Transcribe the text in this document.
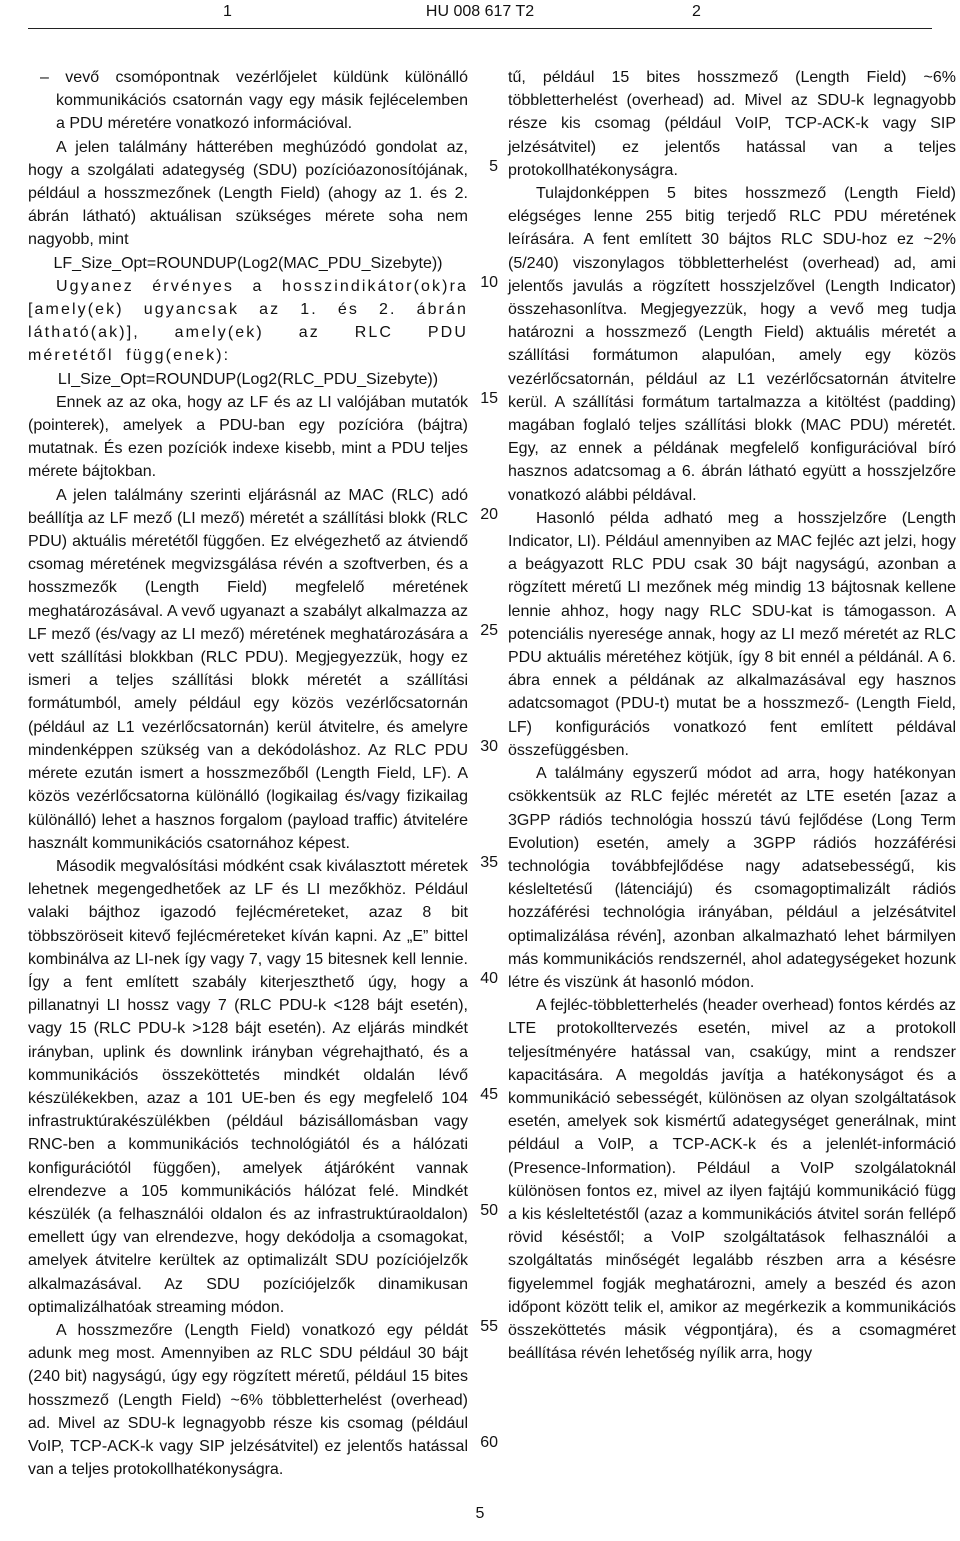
1	HU 008 617 T2	2

– vevő csomópontnak vezérlőjelet küldünk különálló kommunikációs csatornán vagy egy másik fejlécelemben a PDU méretére vonatkozó információval.

A jelen találmány hátterében meghúzódó gondolat az, hogy a szolgálati adategység (SDU) pozícióazonosítójának, például a hosszmezőnek (Length Field) (ahogy az 1. és 2. ábrán látható) aktuálisan szükséges mérete soha nem nagyobb, mint

LF_Size_Opt=ROUNDUP(Log2(MAC_PDU_Sizebyte))

Ugyanez érvényes a hosszindikátor(ok)ra [amely(ek) ugyancsak az 1. és 2. ábrán látható(ak)], amely(ek) az RLC PDU méretétől függ(enek):

LI_Size_Opt=ROUNDUP(Log2(RLC_PDU_Sizebyte))

Ennek az az oka, hogy az LF és az LI valójában mutatók (pointerek), amelyek a PDU-ban egy pozícióra (bájtra) mutatnak. És ezen pozíciók indexe kisebb, mint a PDU teljes mérete bájtokban.

A jelen találmány szerinti eljárásnál az MAC (RLC) adó beállítja az LF mező (LI mező) méretét a szállítási blokk (RLC PDU) aktuális méretétől függően. Ez elvégezhető az átviendő csomag méretének megvizsgálása révén a szoftverben, és a hosszmezők (Length Field) megfelelő méretének meghatározásával. A vevő ugyanazt a szabályt alkalmazza az LF mező (és/vagy az LI mező) méretének meghatározására a vett szállítási blokkban (RLC PDU). Megjegyezzük, hogy ez ismeri a teljes szállítási blokk méretét a szállítási formátumból, amely például egy közös vezérlőcsatornán (például az L1 vezérlőcsatornán) kerül átvitelre, és amelyre mindenképpen szükség van a dekódoláshoz. Az RLC PDU mérete ezután ismert a hosszmezőből (Length Field, LF). A közös vezérlőcsatorna különálló (logikailag és/vagy fizikailag különálló) lehet a hasznos forgalom (payload traffic) átvitelére használt kommunikációs csatornához képest.

Második megvalósítási módként csak kiválasztott méretek lehetnek megengedhetőek az LF és LI mezőkhöz. Például valaki bájthoz igazodó fejlécméreteket, azaz 8 bit többszöröseit kitevő fejlécméreteket kíván kapni. Az „E” bittel kombinálva az LI-nek így vagy 7, vagy 15 bitesnek kell lennie. Így a fent említett szabály kiterjeszthető úgy, hogy a pillanatnyi LI hossz vagy 7 (RLC PDU-k <128 bájt esetén), vagy 15 (RLC PDU-k >128 bájt esetén). Az eljárás mindkét irányban, uplink és downlink irányban végrehajtható, és a kommunikációs összeköttetés mindkét oldalán lévő készülékekben, azaz a 101 UE-ben és egy megfelelő 104 infrastruktúrakészülékben (például bázisállomásban vagy RNC-ben a kommunikációs technológiától és a hálózati konfigurációtól függően), amelyek átjáróként vannak elrendezve a 105 kommunikációs hálózat felé. Mindkét készülék (a felhasználói oldalon és az infrastruktúraoldalon) emellett úgy van elrendezve, hogy dekódolja a csomagokat, amelyek átvitelre kerültek az optimalizált SDU pozíciójelzők alkalmazásával. Az SDU pozíciójelzők dinamikusan optimalizálhatóak streaming módon.

A hosszmezőre (Length Field) vonatkozó egy példát adunk meg most. Amennyiben az RLC SDU például 30 bájt (240 bit) nagyságú, úgy egy rögzített méretű, például 15 bites hosszmező (Length Field) ~6% többletterhelést (overhead) ad. Mivel az SDU-k legnagyobb része kis csomag (például VoIP, TCP-ACK-k vagy SIP jelzésátvitel) ez jelentős hatással van a teljes protokollhatékonyságra.

5
10
15
20
25
30
35
40
45
50
55
60

tű, például 15 bites hosszmező (Length Field) ~6% többletterhelést (overhead) ad. Mivel az SDU-k legnagyobb része kis csomag (például VoIP, TCP-ACK-k vagy SIP jelzésátvitel) ez jelentős hatással van a teljes protokollhatékonyságra.

Tulajdonképpen 5 bites hosszmező (Length Field) elégséges lenne 255 bitig terjedő RLC PDU méretének leírására. A fent említett 30 bájtos RLC SDU-hoz ez ~2% (5/240) viszonylagos többletterhelést (overhead) ad, ami jelentős javulás a rögzített hosszjelzővel (Length Indicator) összehasonlítva. Megjegyezzük, hogy a vevő meg tudja határozni a hosszmező (Length Field) aktuális méretét a szállítási formátumon alapulóan, amely egy közös vezérlőcsatornán, például az L1 vezérlőcsatornán átvitelre kerül. A szállítási formátum tartalmazza a kitöltést (padding) magában foglaló teljes szállítási blokk (MAC PDU) méretét. Egy, az ennek a példának megfelelő konfigurációval bíró hasznos adatcsomag a 6. ábrán látható együtt a hosszjelzőre vonatkozó alábbi példával.

Hasonló példa adható meg a hosszjelzőre (Length Indicator, LI). Például amennyiben az MAC fejléc azt jelzi, hogy a beágyazott RLC PDU csak 30 bájt nagyságú, azonban a rögzített méretű LI mezőnek még mindig 13 bájtosnak kellene lennie ahhoz, hogy nagy RLC SDU-kat is támogasson. A potenciális nyeresége annak, hogy az LI mező méretét az RLC PDU aktuális méretéhez kötjük, így 8 bit ennél a példánál. A 6. ábra ennek a példának az alkalmazásával egy hasznos adatcsomagot (PDU-t) mutat be a hosszmező- (Length Field, LF) konfigurációs vonatkozó fent említett példával összefüggésben.

A találmány egyszerű módot ad arra, hogy hatékonyan csökkentsük az RLC fejléc méretét az LTE esetén [azaz a 3GPP rádiós technológia hosszú távú fejlődése (Long Term Evolution) esetén, amely a 3GPP rádiós hozzáférési technológia továbbfejlődése nagy adatsebességű, kis késleltetésű (látenciájú) és csomagoptimalizált rádiós hozzáférési technológia irányában, például a jelzésátvitel optimalizálása révén], azonban alkalmazható lehet bármilyen más kommunikációs rendszernél, ahol adategységeket hozunk létre és viszünk át hasonló módon.

A fejléc-többletterhelés (header overhead) fontos kérdés az LTE protokolltervezés esetén, mivel az a protokoll teljesítményére hatással van, csakúgy, mint a rendszer kapacitására. A megoldás javítja a hatékonyságot és a kommunikáció sebességét, különösen az olyan szolgáltatások esetén, amelyek sok kismértű adategységet generálnak, mint például a VoIP, a TCP-ACK-k és a jelenlét-információ (Presence-Information). Például a VoIP szolgálatoknál különösen fontos ez, mivel az ilyen fajtájú kommunikáció függ a kis késleltetéstől (azaz a kommunikációs átvitel során fellépő rövid késéstől; a VoIP szolgáltatások felhasználói a szolgáltatás minőségét legalább részben arra a késésre figyelemmel fogják meghatározni, amely a beszéd és azon időpont között telik el, amikor az megérkezik a kommunikációs összeköttetés másik végpontjára), és a csomagméret beállítása révén lehetőség nyílik arra, hogy

5
